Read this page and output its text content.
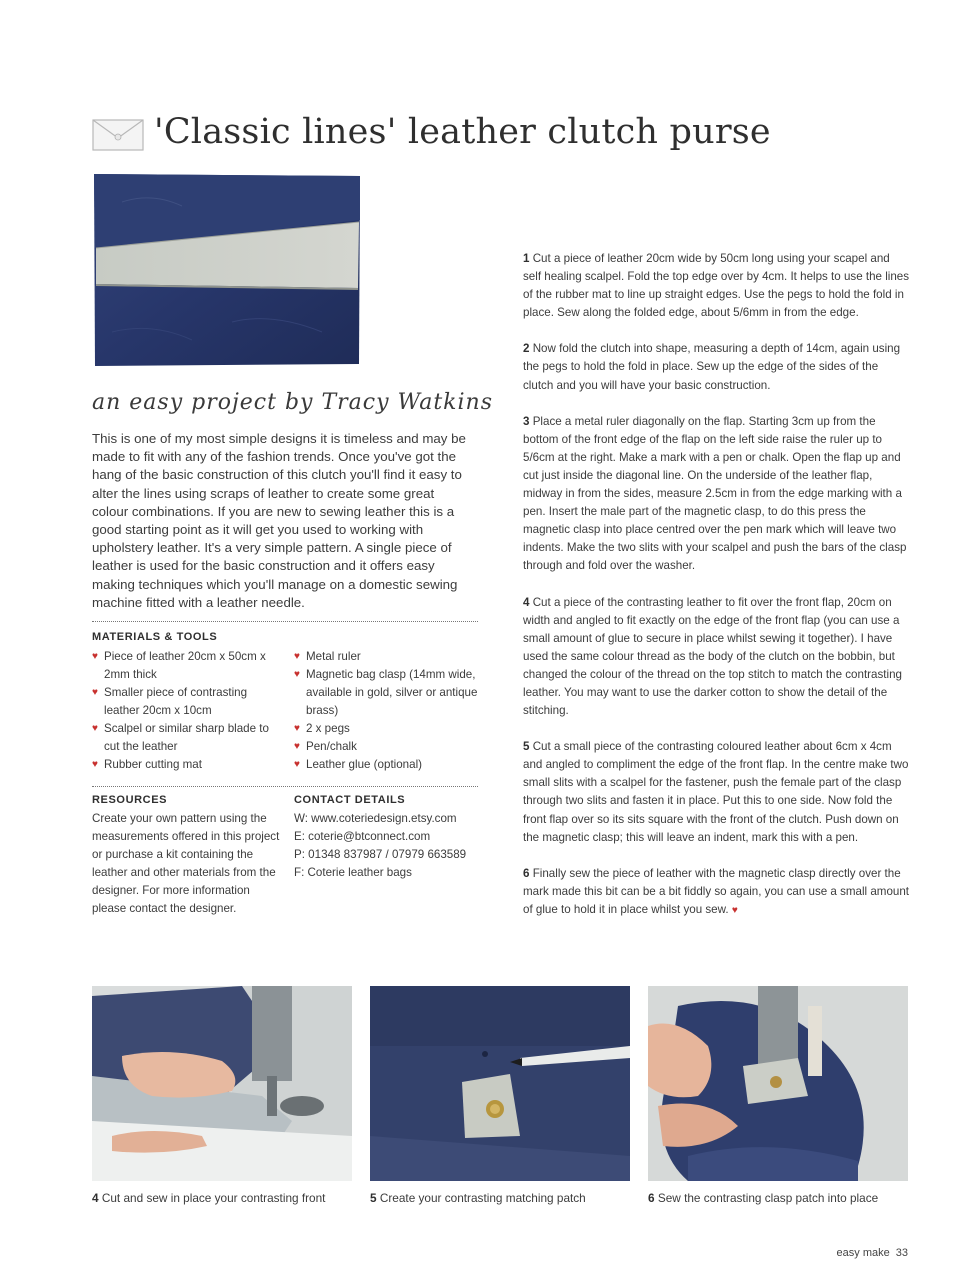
'Classic lines' leather clutch purse
an easy project by Tracy Watkins
This is one of my most simple designs it is timeless and may be made to fit with any of the fashion trends. Once you've got the hang of the basic construction of this clutch you'll find it easy to alter the lines using scraps of leather to create some great colour combinations. If you are new to sewing leather this is a good starting point as it will get you used to working with upholstery leather. It's a very simple pattern. A single piece of leather is used for the basic construction and it offers easy making techniques which you'll manage on a domestic sewing machine fitted with a leather needle.
MATERIALS & TOOLS
♥ Piece of leather 20cm x 50cm x 2mm thick
♥ Smaller piece of contrasting leather 20cm x 10cm
♥ Scalpel or similar sharp blade to cut the leather
♥ Rubber cutting mat
♥ Metal ruler
♥ Magnetic bag clasp (14mm wide, available in gold, silver or antique brass)
♥ 2 x pegs
♥ Pen/chalk
♥ Leather glue (optional)
RESOURCES
Create your own pattern using the measurements offered in this project or purchase a kit containing the leather and other materials from the designer. For more information please contact the designer.
CONTACT DETAILS
W: www.coteriedesign.etsy.com
E: coterie@btconnect.com
P: 01348 837987 / 07979 663589
F: Coterie leather bags

1 Cut a piece of leather 20cm wide by 50cm long using your scapel and self healing scalpel. Fold the top edge over by 4cm. It helps to use the lines of the rubber mat to line up straight edges. Use the pegs to hold the fold in place. Sew along the folded edge, about 5/6mm in from the edge.

2 Now fold the clutch into shape, measuring a depth of 14cm, again using the pegs to hold the fold in place. Sew up the edge of the sides of the clutch and you will have your basic construction.

3 Place a metal ruler diagonally on the flap. Starting 3cm up from the bottom of the front edge of the flap on the left side raise the ruler up to 5/6cm at the right. Make a mark with a pen or chalk. Open the flap up and cut just inside the diagonal line. On the underside of the leather flap, midway in from the sides, measure 2.5cm in from the edge marking with a pen. Insert the male part of the magnetic clasp, to do this press the magnetic clasp into place centred over the pen mark which will leave two indents. Make the two slits with your scalpel and push the bars of the clasp through and fold over the washer.

4 Cut a piece of the contrasting leather to fit over the front flap, 20cm on width and angled to fit exactly on the edge of the front flap (you can use a small amount of glue to secure in place whilst sewing it together). I have used the same colour thread as the body of the clutch on the bobbin, but changed the colour of the thread on the top stitch to match the contrasting leather. You may want to use the darker cotton to show the detail of the stitching.

5 Cut a small piece of the contrasting coloured leather about 6cm x 4cm and angled to compliment the edge of the front flap. In the centre make two small slits with a scalpel for the fastener, push the female part of the clasp through two slits and fasten it in place. Put this to one side. Now fold the front flap over so its sits square with the front of the clutch. Push down on the magnetic clasp; this will leave an indent, mark this with a pen.

6 Finally sew the piece of leather with the magnetic clasp directly over the mark made this bit can be a bit fiddly so again, you can use a small amount of glue to hold it in place whilst you sew. ♥

4 Cut and sew in place your contrasting front	5 Create your contrasting matching patch	6 Sew the contrasting clasp patch into place
easy make 33
